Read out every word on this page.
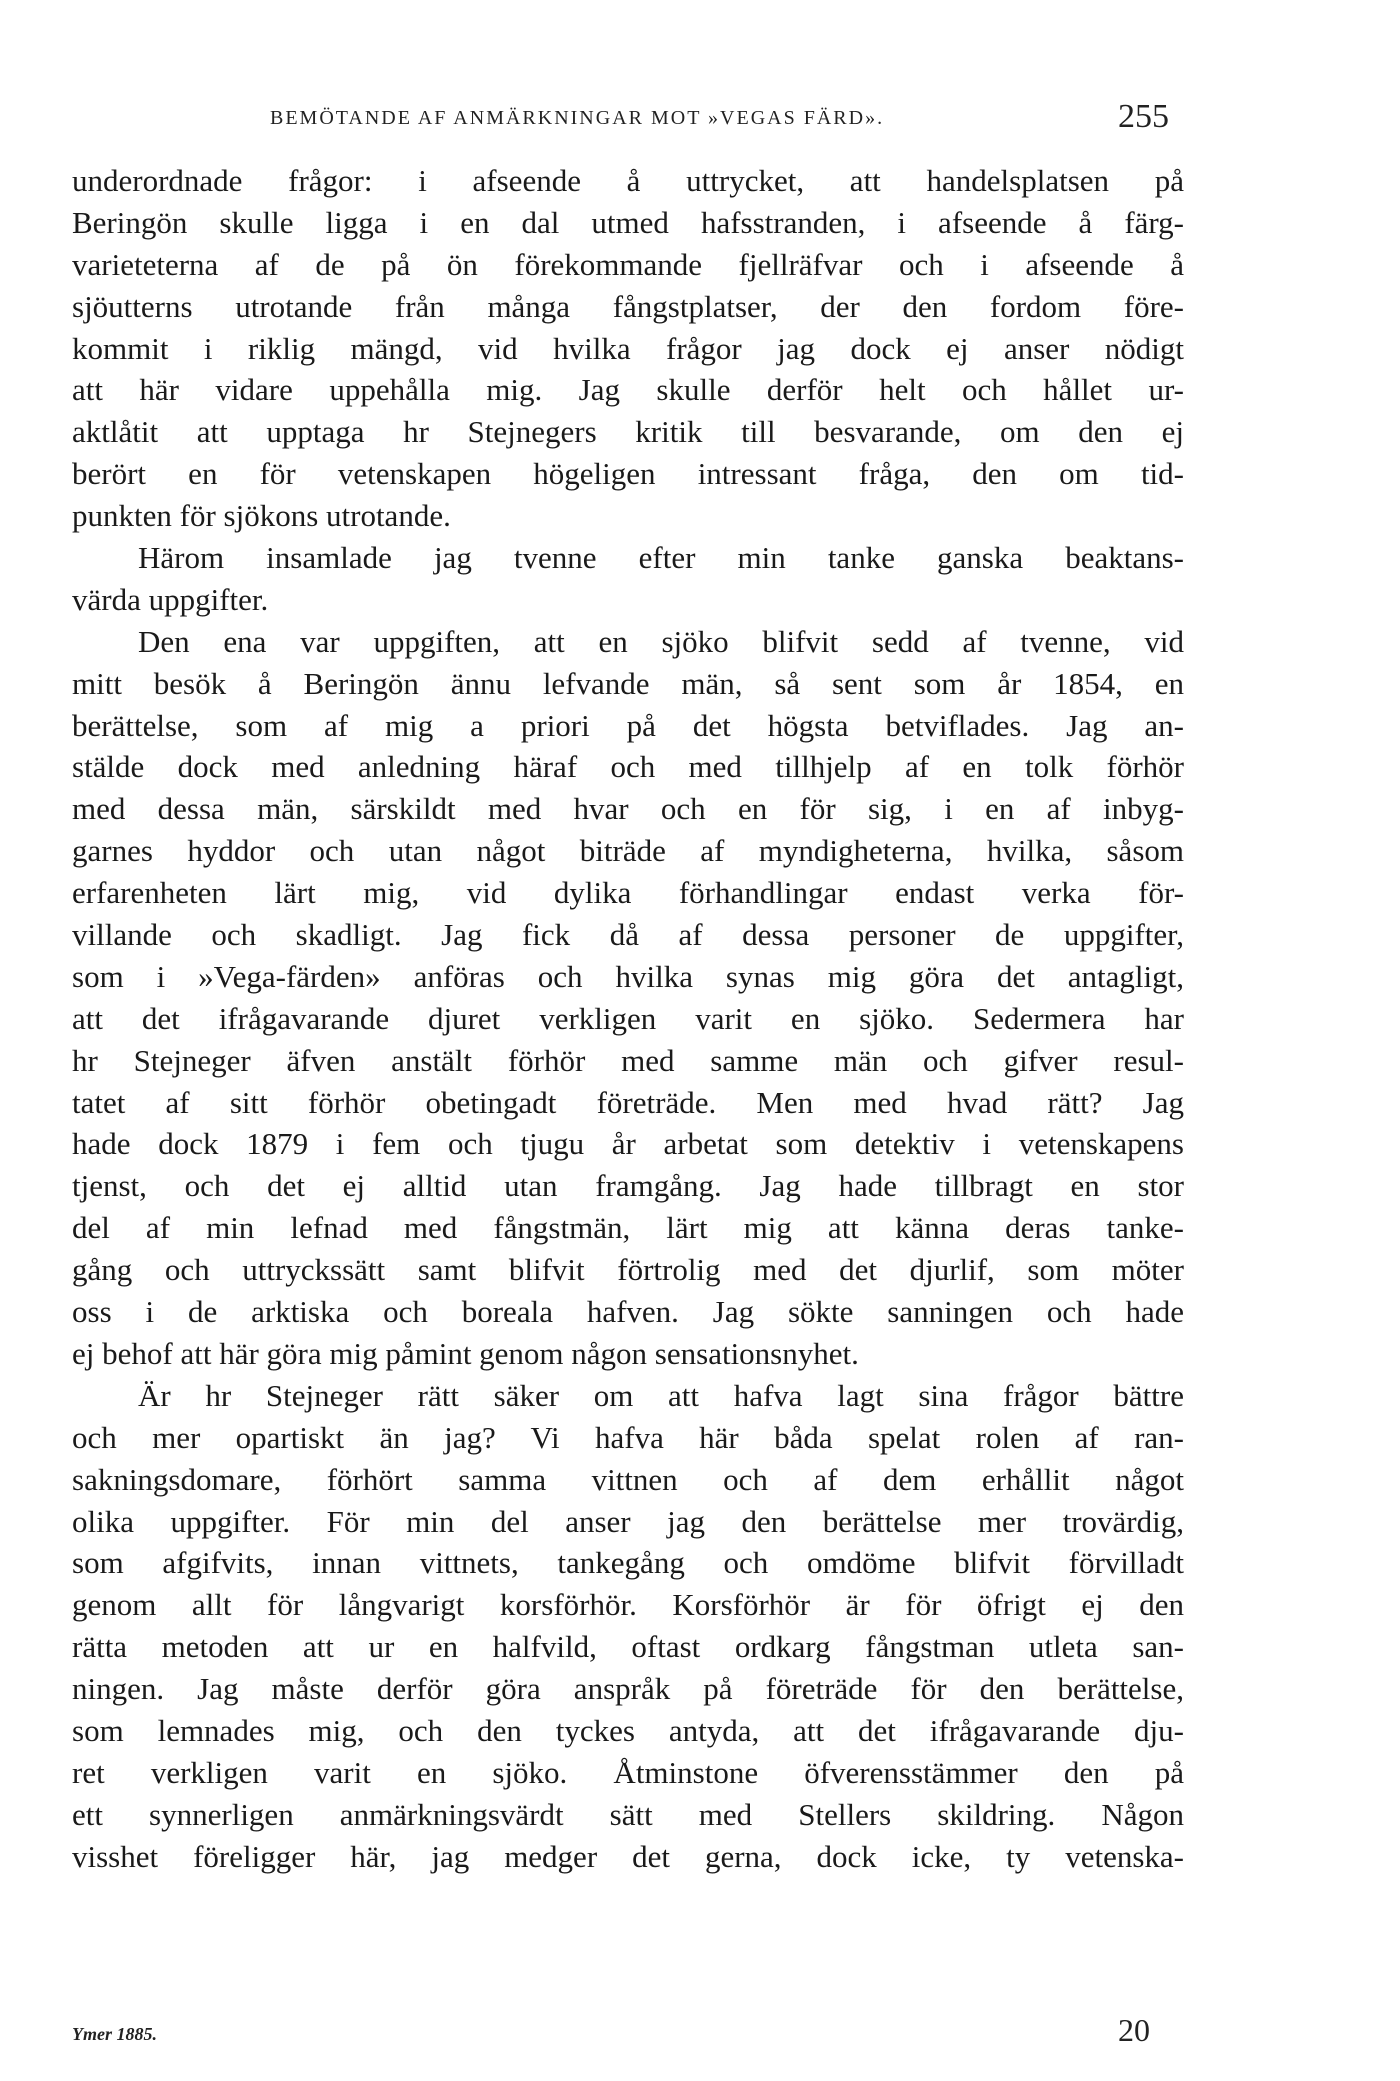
BEMÖTANDE AF ANMÄRKNINGAR MOT »VEGAS FÄRD».	255
underordnade frågor: i afseende å uttrycket, att handelsplatsen på
Beringön skulle ligga i en dal utmed hafsstranden, i afseende å färg-
varieteterna af de på ön förekommande fjellräfvar och i afseende å
sjöutterns utrotande från många fångstplatser, der den fordom före-
kommit i riklig mängd, vid hvilka frågor jag dock ej anser nödigt
att här vidare uppehålla mig. Jag skulle derför helt och hållet ur-
aktlåtit att upptaga hr Stejnegers kritik till besvarande, om den ej
berört en för vetenskapen högeligen intressant fråga, den om tid-
punkten för sjökons utrotande.
Härom insamlade jag tvenne efter min tanke ganska beaktans-
värda uppgifter.
Den ena var uppgiften, att en sjöko blifvit sedd af tvenne, vid
mitt besök å Beringön ännu lefvande män, så sent som år 1854, en
berättelse, som af mig a priori på det högsta betviflades. Jag an-
stälde dock med anledning häraf och med tillhjelp af en tolk förhör
med dessa män, särskildt med hvar och en för sig, i en af inbyg-
garnes hyddor och utan något biträde af myndigheterna, hvilka, såsom
erfarenheten lärt mig, vid dylika förhandlingar endast verka för-
villande och skadligt. Jag fick då af dessa personer de uppgifter,
som i »Vega-färden» anföras och hvilka synas mig göra det antagligt,
att det ifrågavarande djuret verkligen varit en sjöko. Sedermera har
hr Stejneger äfven anstält förhör med samme män och gifver resul-
tatet af sitt förhör obetingadt företräde. Men med hvad rätt? Jag
hade dock 1879 i fem och tjugu år arbetat som detektiv i vetenskapens
tjenst, och det ej alltid utan framgång. Jag hade tillbragt en stor
del af min lefnad med fångstmän, lärt mig att känna deras tanke-
gång och uttryckssätt samt blifvit förtrolig med det djurlif, som möter
oss i de arktiska och boreala hafven. Jag sökte sanningen och hade
ej behof att här göra mig påmint genom någon sensationsnyhet.
Är hr Stejneger rätt säker om att hafva lagt sina frågor bättre
och mer opartiskt än jag? Vi hafva här båda spelat rolen af ran-
sakningsdomare, förhört samma vittnen och af dem erhållit något
olika uppgifter. För min del anser jag den berättelse mer trovärdig,
som afgifvits, innan vittnets, tankegång och omdöme blifvit förvilladt
genom allt för långvarigt korsförhör. Korsförhör är för öfrigt ej den
rätta metoden att ur en halfvild, oftast ordkarg fångstman utleta san-
ningen. Jag måste derför göra anspråk på företräde för den berättelse,
som lemnades mig, och den tyckes antyda, att det ifrågavarande dju-
ret verkligen varit en sjöko. Åtminstone öfverensstämmer den på
ett synnerligen anmärkningsvärdt sätt med Stellers skildring. Någon
visshet föreligger här, jag medger det gerna, dock icke, ty vetenska-
Ymer 1885.	20
